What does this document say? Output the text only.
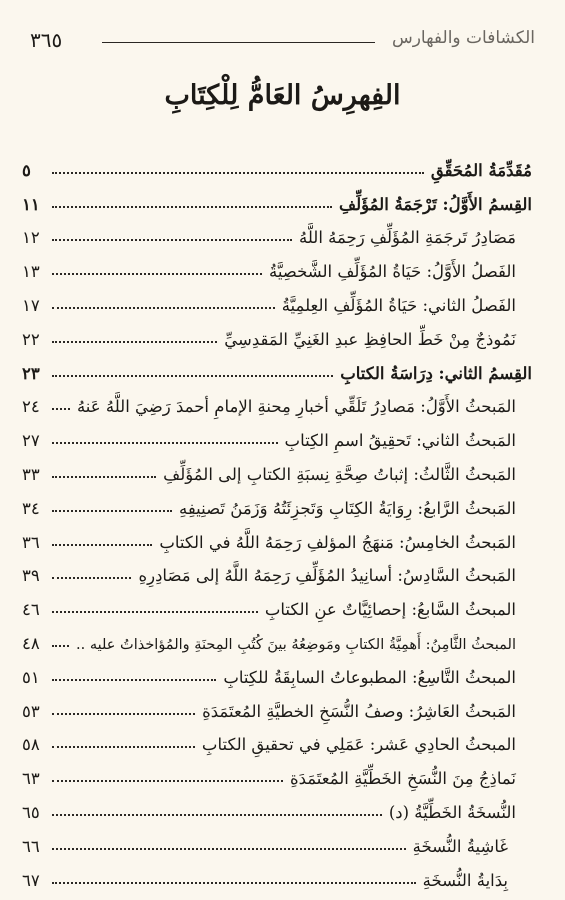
٣٦٥	الكشافات والفهارس
الفِهرِسُ العَامُّ لِلْكِتَابِ
مُقَدِّمَةُ المُحَقِّقِ
٥
القِسمُ الأَوَّلُ: تَرْجَمَةُ المُؤَلِّفِ
١١
مَصَادِرُ تَرجَمَةِ المُؤَلِّفِ رَحِمَهُ اللَّهُ
١٢
الفَصلُ الأَوَّلُ: حَيَاةُ المُؤَلِّفِ الشَّخصِيَّةُ
١٣
الفَصلُ الثاني: حَيَاةُ المُؤَلِّفِ العِلمِيَّةُ
١٧
نَمُوذجٌ مِنْ خَطِّ الحافِظِ عبدِ الغَنِيِّ المَقدِسِيِّ
٢٢
القِسمُ الثاني: دِرَاسَةُ الكتابِ
٢٣
المَبحثُ الأَوَّلُ: مَصادِرُ تَلَقِّي أخبارِ مِحنةِ الإمامِ أحمدَ رَضِيَ اللَّهُ عَنهُ
٢٤
المَبحثُ الثاني: تَحقِيقُ اسمِ الكِتابِ
٢٧
المَبحثُ الثَّالثُ: إثباتُ صِحَّةِ نِسبَةِ الكتابِ إلى المُؤَلِّفِ
٣٣
المَبحثُ الرَّابعُ: رِوَايَةُ الكِتَابِ وَتَجزِئَتُهُ وَزَمَنُ تَصنِيفِهِ
٣٤
المَبحثُ الخامِسُ: مَنهَجُ المؤلفِ رَحِمَهُ اللَّهُ في الكتابِ
٣٦
المَبحثُ السَّادِسُ: أسانِيدُ المُؤَلِّفِ رَحِمَهُ اللَّهُ إلى مَصَادِرِهِ
٣٩
المبحثُ السَّابعُ: إحصائِيَّاتٌ عنِ الكتابِ
٤٦
المبحثُ الثَّامِنُ: أَهمِيَّةُ الكتابِ ومَوضِعُهُ بينَ كُتُبِ المِحنَةِ والمُؤاخذاتُ عليه ..
٤٨
المبحثُ التَّاسِعُ: المطبوعاتُ السابِقَةُ للكِتابِ
٥١
المَبحثُ العَاشِرُ: وصفُ النُّسَخِ الخطيَّةِ المُعتَمَدَةِ
٥٣
المبحثُ الحادِي عَشر: عَمَلِي في تحقيقِ الكتابِ
٥٨
نَماذِجُ مِنَ النُّسَخِ الخَطِّيَّةِ المُعتَمَدَةِ
٦٣
النُّسخَةُ الخَطِّيَّةُ (د)
٦٥
غَاشِيةُ النُّسخَةِ
٦٦
بِدَايةُ النُّسخَةِ
٦٧
